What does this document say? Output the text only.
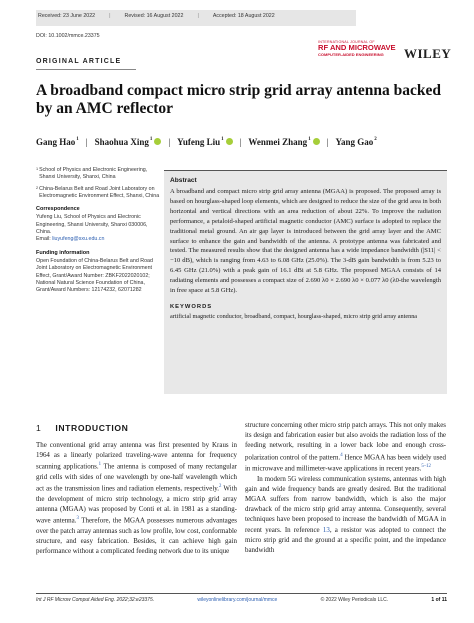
Received: 23 June 2022	|	Revised: 16 August 2022	|	Accepted: 18 August 2022
DOI: 10.1002/mmce.23375
INTERNATIONAL JOURNAL OF
RF AND MICROWAVE
COMPUTER-AIDED ENGINEERING	WILEY
ORIGINAL ARTICLE
A broadband compact micro strip grid array antenna backed by an AMC reflector
Gang Hao$^1$ | Shaohua Xing$^1$ | Yufeng Liu$^1$ | Wenmei Zhang$^1$ | Yang Gao$^2$
1 School of Physics and Electronic Engineering, Shanxi University, Shanxi, China
2 China-Belarus Belt and Road Joint Laboratory on Electromagnetic Environment Effect, Shanxi, China
Correspondence
Yufeng Liu, School of Physics and Electronic Engineering, Shanxi University, Shanxi 030006, China.
Email: liuyufeng@sxu.edu.cn
Funding information
Open Foundation of China-Belarus Belt and Road Joint Laboratory on Electromagnetic Environment Effect, Grant/Award Number: ZBKF2022020102; National Natural Science Foundation of China, Grant/Award Numbers: 12174232, 62071282
Abstract
A broadband and compact micro strip grid array antenna (MGAA) is proposed. The proposed array is based on hourglass-shaped loop elements, which are designed to reduce the size of the grid area in both horizontal and vertical directions with an area reduction of about 22%. To improve the radiation performance, a petaloid-shaped artificial magnetic conductor (AMC) surface is adopted to replace the traditional metal ground. An air gap layer is introduced between the grid array layer and the AMC surface to enhance the gain and bandwidth of the antenna. A prototype antenna was fabricated and tested. The measured results show that the designed antenna has a wide impedance bandwidth (|S11| < −10 dB), which is ranging from 4.63 to 6.08 GHz (25.0%). The 3-dB gain bandwidth is from 5.23 to 6.45 GHz (21.0%) with a peak gain of 16.1 dBi at 5.8 GHz. The proposed MGAA consists of 14 radiating elements and possesses a compact size of 2.690 λ0 × 2.690 λ0 × 0.077 λ0 (λ0-the wavelength in free space at 5.8 GHz).
KEYWORDS
artificial magnetic conductor, broadband, compact, hourglass-shaped, micro strip grid array antenna
1 INTRODUCTION
The conventional grid array antenna was first presented by Kraus in 1964 as a linearly polarized traveling-wave antenna for frequency scanning applications.$^1$ The antenna is composed of many rectangular grid cells with sides of one wavelength by one-half wavelength which act as the transmission lines and radiation elements, respectively.$^2$ With the development of micro strip technology, a micro strip grid array antenna (MGAA) was proposed by Conti et al. in 1981 as a standing-wave antenna.$^3$ Therefore, the MGAA possesses numerous advantages over the patch array antennas such as low profile, low cost, conformable structure, and easy fabrication. Besides, it can achieve high gain performance without a complicated feeding network due to its unique
structure concerning other micro strip patch arrays. This not only makes its design and fabrication easier but also avoids the radiation loss of the feeding network, resulting in a lower back lobe and enough cross-polarization control of the pattern.$^4$ Hence MGAA has been widely used in microwave and millimeter-wave applications in recent years.$^{5-12}$
In modern 5G wireless communication systems, antennas with high gain and wide frequency bands are greatly desired. But the traditional MGAA suffers from narrow bandwidth, which is also the major drawback of the micro strip grid array antenna. Consequently, several techniques have been proposed to increase the bandwidth of MGAA in recent years. In reference 13, a resistor was adopted to connect the micro strip grid and the ground at a specific point, and the impedance bandwidth
Int J RF Microw Comput Aided Eng. 2022;32:e23375.	wileyonlinelibrary.com/journal/mmce	© 2022 Wiley Periodicals LLC.	1 of 11
